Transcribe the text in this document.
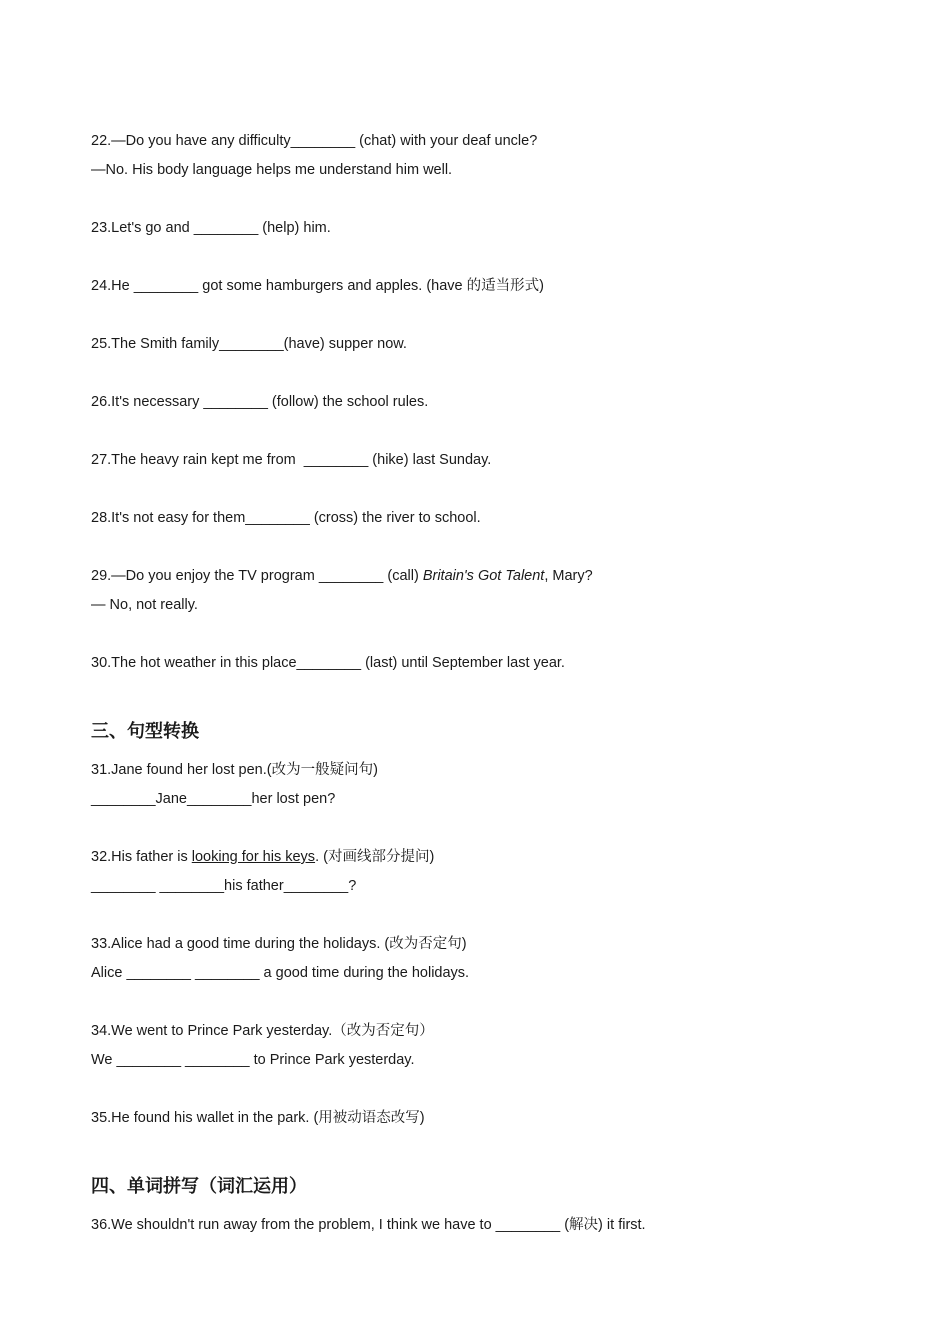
22.—Do you have any difficulty________ (chat) with your deaf uncle?
—No. His body language helps me understand him well.
23.Let's go and ________ (help) him.
24.He ________ got some hamburgers and apples. (have 的适当形式)
25.The Smith family________(have) supper now.
26.It's necessary ________ (follow) the school rules.
27.The heavy rain kept me from  ________ (hike) last Sunday.
28.It's not easy for them________ (cross) the river to school.
29.—Do you enjoy the TV program ________ (call) Britain's Got Talent, Mary?
— No, not really.
30.The hot weather in this place________ (last) until September last year.
三、句型转换
31.Jane found her lost pen.(改为一般疑问句)
________Jane________her lost pen?
32.His father is looking for his keys. (对画线部分提问)
________ ________his father________?
33.Alice had a good time during the holidays. (改为否定句)
Alice ________ ________ a good time during the holidays.
34.We went to Prince Park yesterday.（改为否定句）
We ________ ________ to Prince Park yesterday.
35.He found his wallet in the park. (用被动语态改写)
四、单词拼写（词汇运用）
36.We shouldn't run away from the problem, I think we have to ________ (解决) it first.
